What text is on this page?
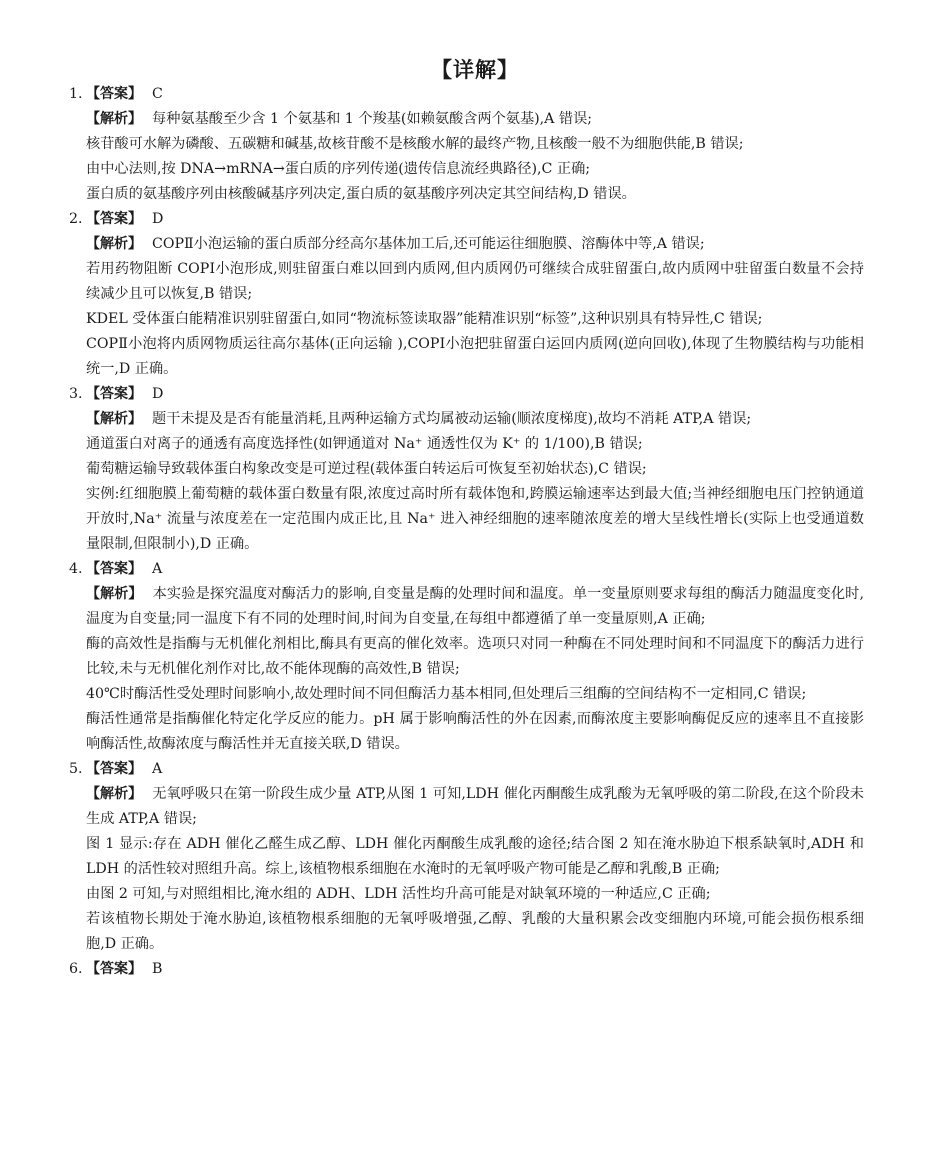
【详解】
1. 【答案】 C

【解析】 每种氨基酸至少含 1 个氨基和 1 个羧基(如赖氨酸含两个氨基),A 错误;

核苷酸可水解为磷酸、五碳糖和碱基,故核苷酸不是核酸水解的最终产物,且核酸一般不为细胞供能,B 错误;

由中心法则,按 DNA→mRNA→蛋白质的序列传递(遗传信息流经典路径),C 正确;

蛋白质的氨基酸序列由核酸碱基序列决定,蛋白质的氨基酸序列决定其空间结构,D 错误。

2. 【答案】 D

【解析】 COPⅡ小泡运输的蛋白质部分经高尔基体加工后,还可能运往细胞膜、溶酶体中等,A 错误;

若用药物阻断 COPⅠ小泡形成,则驻留蛋白难以回到内质网,但内质网仍可继续合成驻留蛋白,故内质网中驻留蛋白数量不会持续减少且可以恢复,B 错误;

KDEL 受体蛋白能精准识别驻留蛋白,如同“物流标签读取器”能精准识别“标签”,这种识别具有特异性,C 错误;

COPⅡ小泡将内质网物质运往高尔基体(正向运输 ),COPⅠ小泡把驻留蛋白运回内质网(逆向回收),体现了生物膜结构与功能相统一,D 正确。

3. 【答案】 D

【解析】 题干未提及是否有能量消耗,且两种运输方式均属被动运输(顺浓度梯度),故均不消耗 ATP,A 错误;

通道蛋白对离子的通透有高度选择性(如钾通道对 Na⁺ 通透性仅为 K⁺ 的 1/100),B 错误;

葡萄糖运输导致载体蛋白构象改变是可逆过程(载体蛋白转运后可恢复至初始状态),C 错误;

实例:红细胞膜上葡萄糖的载体蛋白数量有限,浓度过高时所有载体饱和,跨膜运输速率达到最大值;当神经细胞电压门控钠通道开放时,Na⁺ 流量与浓度差在一定范围内成正比,且 Na⁺ 进入神经细胞的速率随浓度差的增大呈线性增长(实际上也受通道数量限制,但限制小),D 正确。

4. 【答案】 A

【解析】 本实验是探究温度对酶活力的影响,自变量是酶的处理时间和温度。单一变量原则要求每组的酶活力随温度变化时,温度为自变量;同一温度下有不同的处理时间,时间为自变量,在每组中都遵循了单一变量原则,A 正确;

酶的高效性是指酶与无机催化剂相比,酶具有更高的催化效率。选项只对同一种酶在不同处理时间和不同温度下的酶活力进行比较,未与无机催化剂作对比,故不能体现酶的高效性,B 错误;

40℃时酶活性受处理时间影响小,故处理时间不同但酶活力基本相同,但处理后三组酶的空间结构不一定相同,C 错误;

酶活性通常是指酶催化特定化学反应的能力。pH 属于影响酶活性的外在因素,而酶浓度主要影响酶促反应的速率且不直接影响酶活性,故酶浓度与酶活性并无直接关联,D 错误。

5. 【答案】 A

【解析】 无氧呼吸只在第一阶段生成少量 ATP,从图 1 可知,LDH 催化丙酮酸生成乳酸为无氧呼吸的第二阶段,在这个阶段未生成 ATP,A 错误;

图 1 显示:存在 ADH 催化乙醛生成乙醇、LDH 催化丙酮酸生成乳酸的途径;结合图 2 知在淹水胁迫下根系缺氧时,ADH 和 LDH 的活性较对照组升高。综上,该植物根系细胞在水淹时的无氧呼吸产物可能是乙醇和乳酸,B 正确;

由图 2 可知,与对照组相比,淹水组的 ADH、LDH 活性均升高可能是对缺氧环境的一种适应,C 正确;

若该植物长期处于淹水胁迫,该植物根系细胞的无氧呼吸增强,乙醇、乳酸的大量积累会改变细胞内环境,可能会损伤根系细胞,D 正确。

6. 【答案】 B
